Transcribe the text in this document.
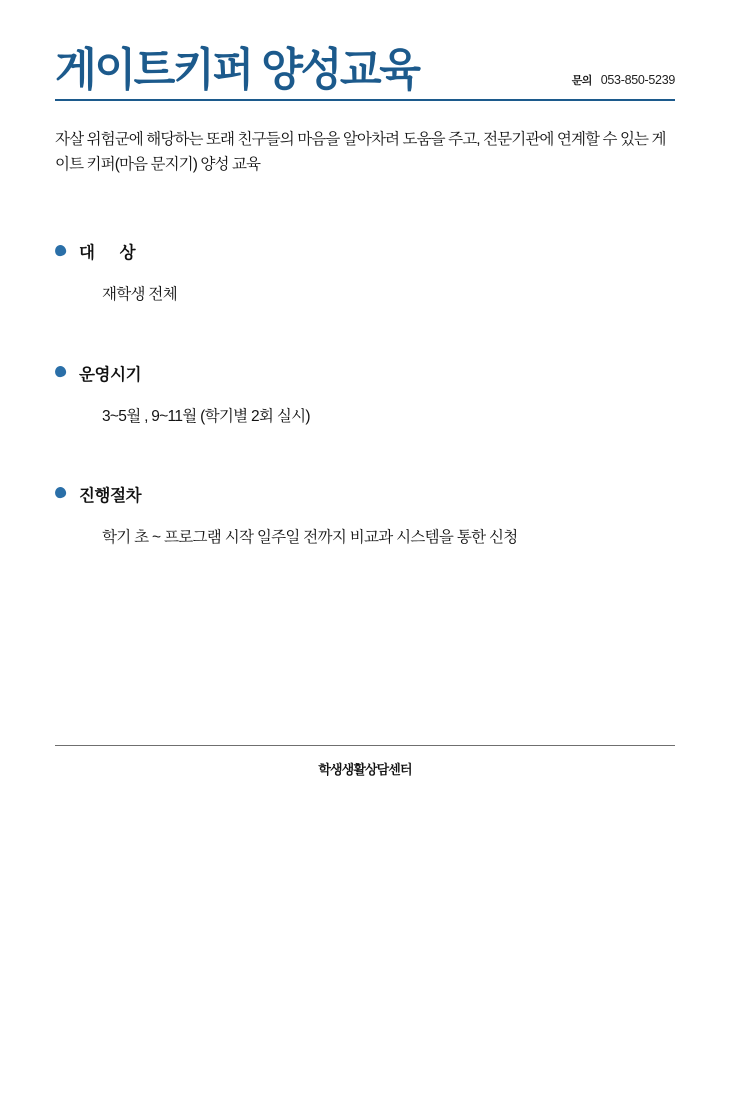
게이트키퍼 양성교육	문의 053-850-5239

자살 위험군에 해당하는 또래 친구들의 마음을 알아차려 도움을 주고, 전문기관에 연계할 수 있는 게이트 키퍼(마음 문지기) 양성 교육

대      상
재학생 전체
운영시기
3~5월 , 9~11월 (학기별 2회 실시)
진행절차
학기 초 ~ 프로그램 시작 일주일 전까지 비교과 시스템을 통한 신청
학생생활상담센터
